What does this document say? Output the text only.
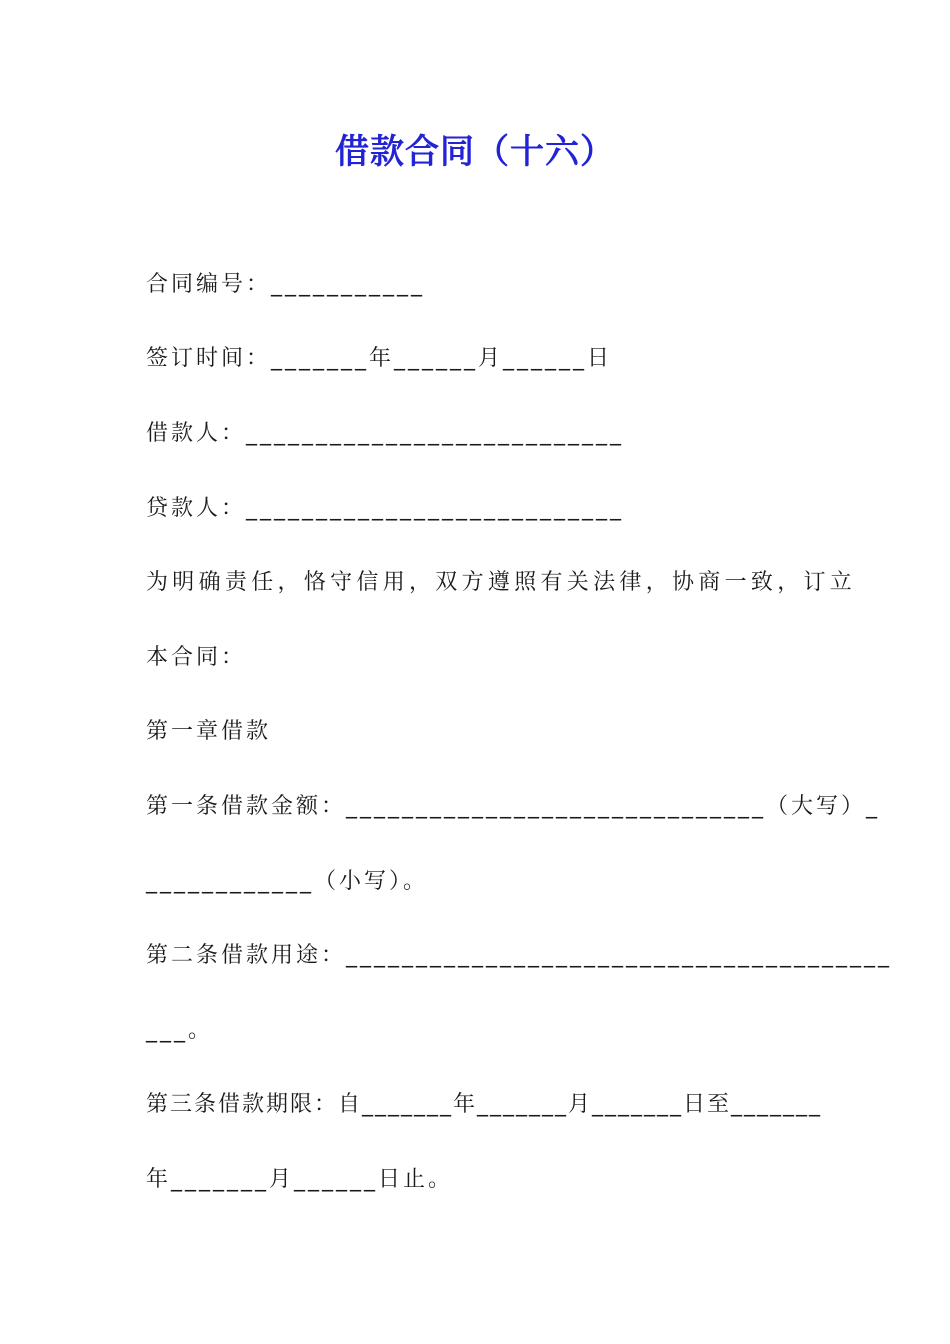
借款合同（十六）
合同编号：___________
签订时间：_______年______月______日
借款人：___________________________
贷款人：___________________________
为明确责任，恪守信用，双方遵照有关法律，协商一致，订立
本合同：
第一章借款
第一条借款金额：______________________________（大写）_
____________（小写）。
第二条借款用途：_______________________________________
___。
第三条借款期限：自_______年_______月_______日至_______
年_______月______日止。
